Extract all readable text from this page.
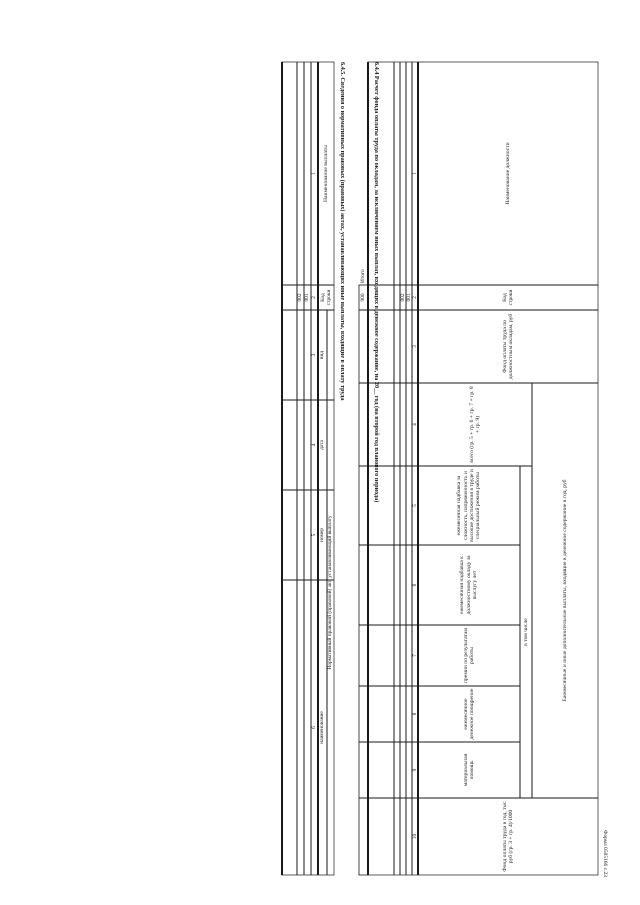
Форма 0505166 с.23
6.4.4 Расчет фонда оплаты труда по окладам, за исключением иных выплат, входящих в денежное содержание, на 20__ год (на второй год планового периода)	Наименование должности
Код строки
Фонд оплаты труда по должностным окладам, руб
Ежемесячные и иные дополнительные выплаты, входящие в денежное содержание в год, руб
всего (гр. 5 + гр. 6 + гр. 7 + гр. 8 + гр. 9)
в том числе
ежемесячная надбавка за сложность, напряженность и высокие достижения в труде и специальный режим работы
ежемесячная надбавка к должностному окладу за выслугу лет
премии по результатам работы
ежемесячное денежное поощрение
материальная помощь
Фонд оплаты труда в год, тыс руб (гр. 3 + гр. 4)/1000
1
2
3
4
5
6
7
8
9
10
001
002
Итого
900
6.4.5. Сведения о нормативных правовых (правовых) актах, устанавливающих иные выплаты, входящие в оплату труда
Наименование выплаты
Код строки
Нормативный правовой (правовой) акт, устанавливающий выплату
вид
дата
номер
наименование
1
2
3
4
5
6
001
002
